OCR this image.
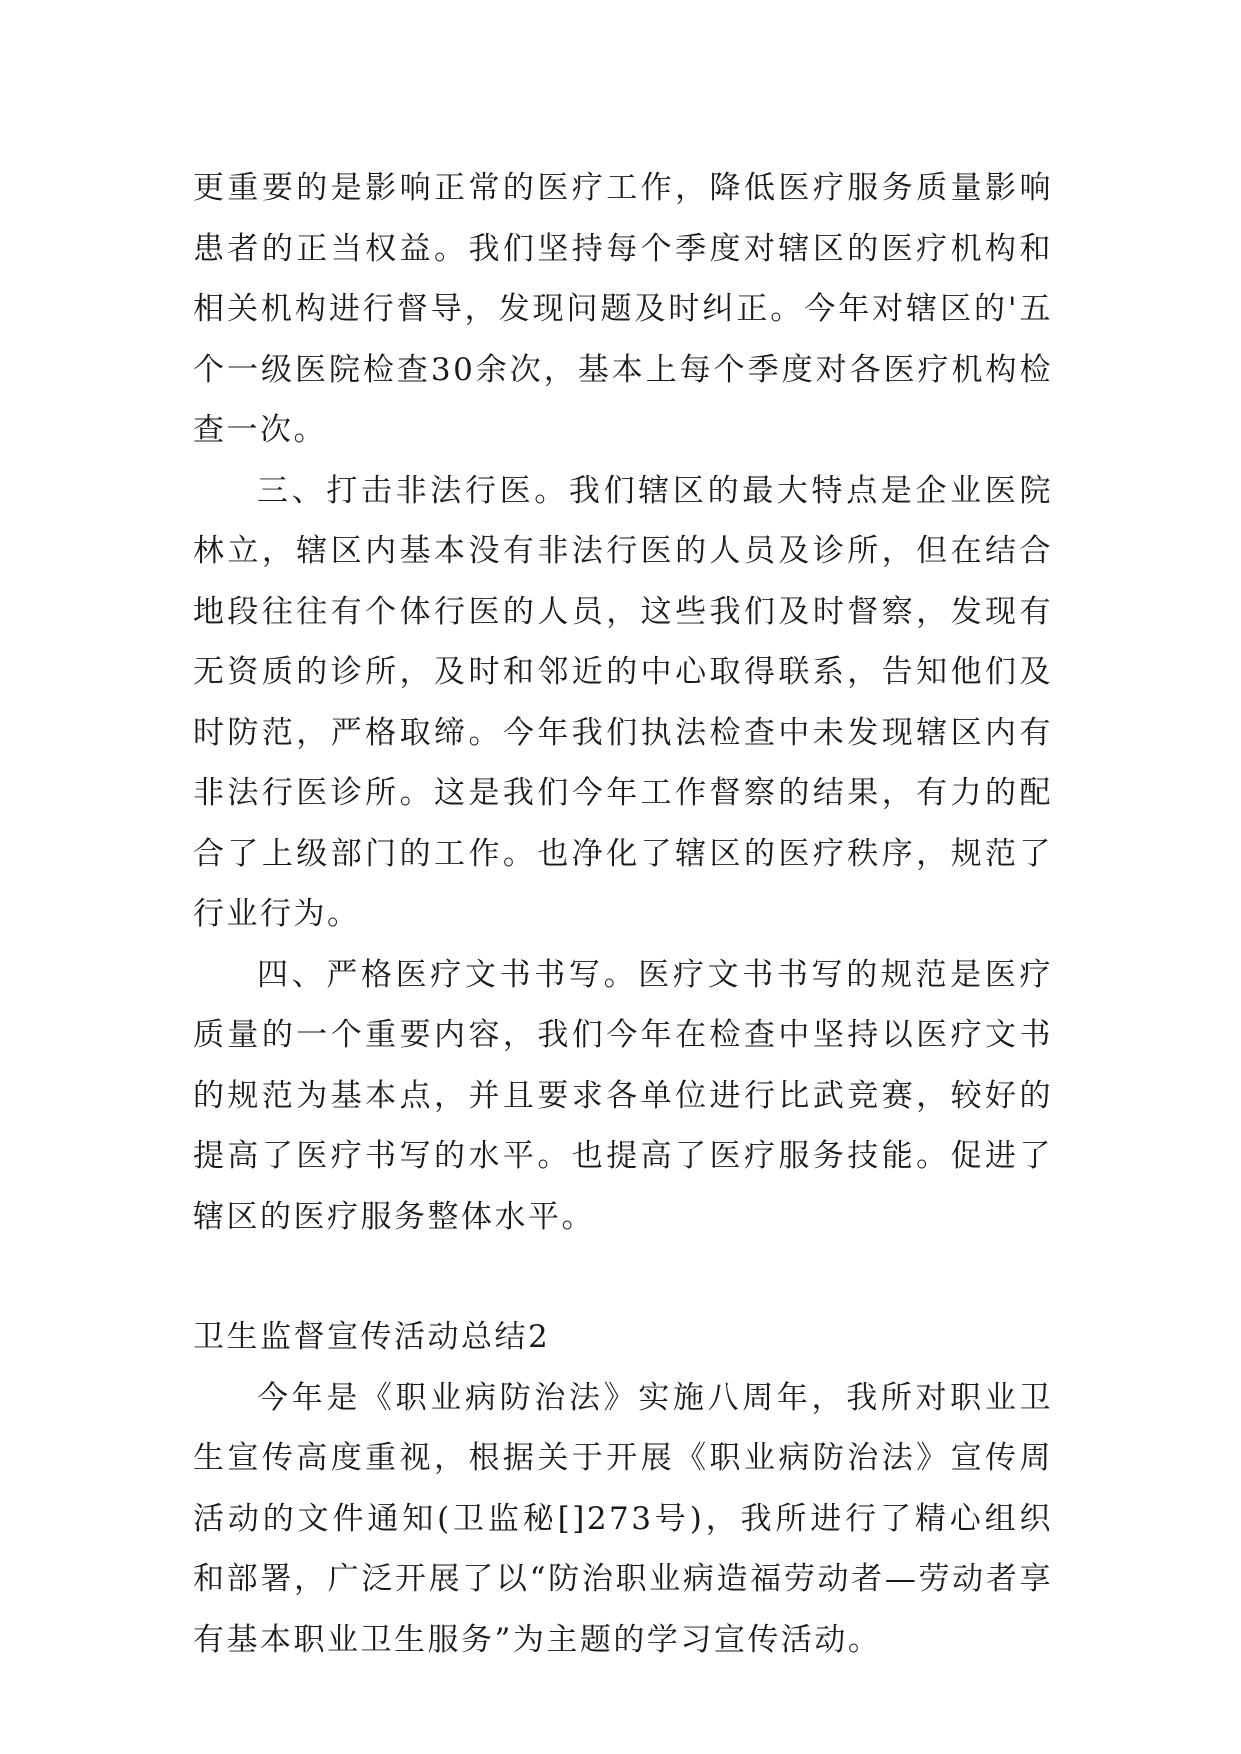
更重要的是影响正常的医疗工作，降低医疗服务质量影响患者的正当权益。我们坚持每个季度对辖区的医疗机构和相关机构进行督导，发现问题及时纠正。今年对辖区的'五个一级医院检查30余次，基本上每个季度对各医疗机构检查一次。

三、打击非法行医。我们辖区的最大特点是企业医院林立，辖区内基本没有非法行医的人员及诊所，但在结合地段往往有个体行医的人员，这些我们及时督察，发现有无资质的诊所，及时和邻近的中心取得联系，告知他们及时防范，严格取缔。今年我们执法检查中未发现辖区内有非法行医诊所。这是我们今年工作督察的结果，有力的配合了上级部门的工作。也净化了辖区的医疗秩序，规范了行业行为。

四、严格医疗文书书写。医疗文书书写的规范是医疗质量的一个重要内容，我们今年在检查中坚持以医疗文书的规范为基本点，并且要求各单位进行比武竞赛，较好的提高了医疗书写的水平。也提高了医疗服务技能。促进了辖区的医疗服务整体水平。

卫生监督宣传活动总结2

今年是《职业病防治法》实施八周年，我所对职业卫生宣传高度重视，根据关于开展《职业病防治法》宣传周活动的文件通知(卫监秘[]273号)，我所进行了精心组织和部署，广泛开展了以“防治职业病造福劳动者—劳动者享有基本职业卫生服务”为主题的学习宣传活动。
